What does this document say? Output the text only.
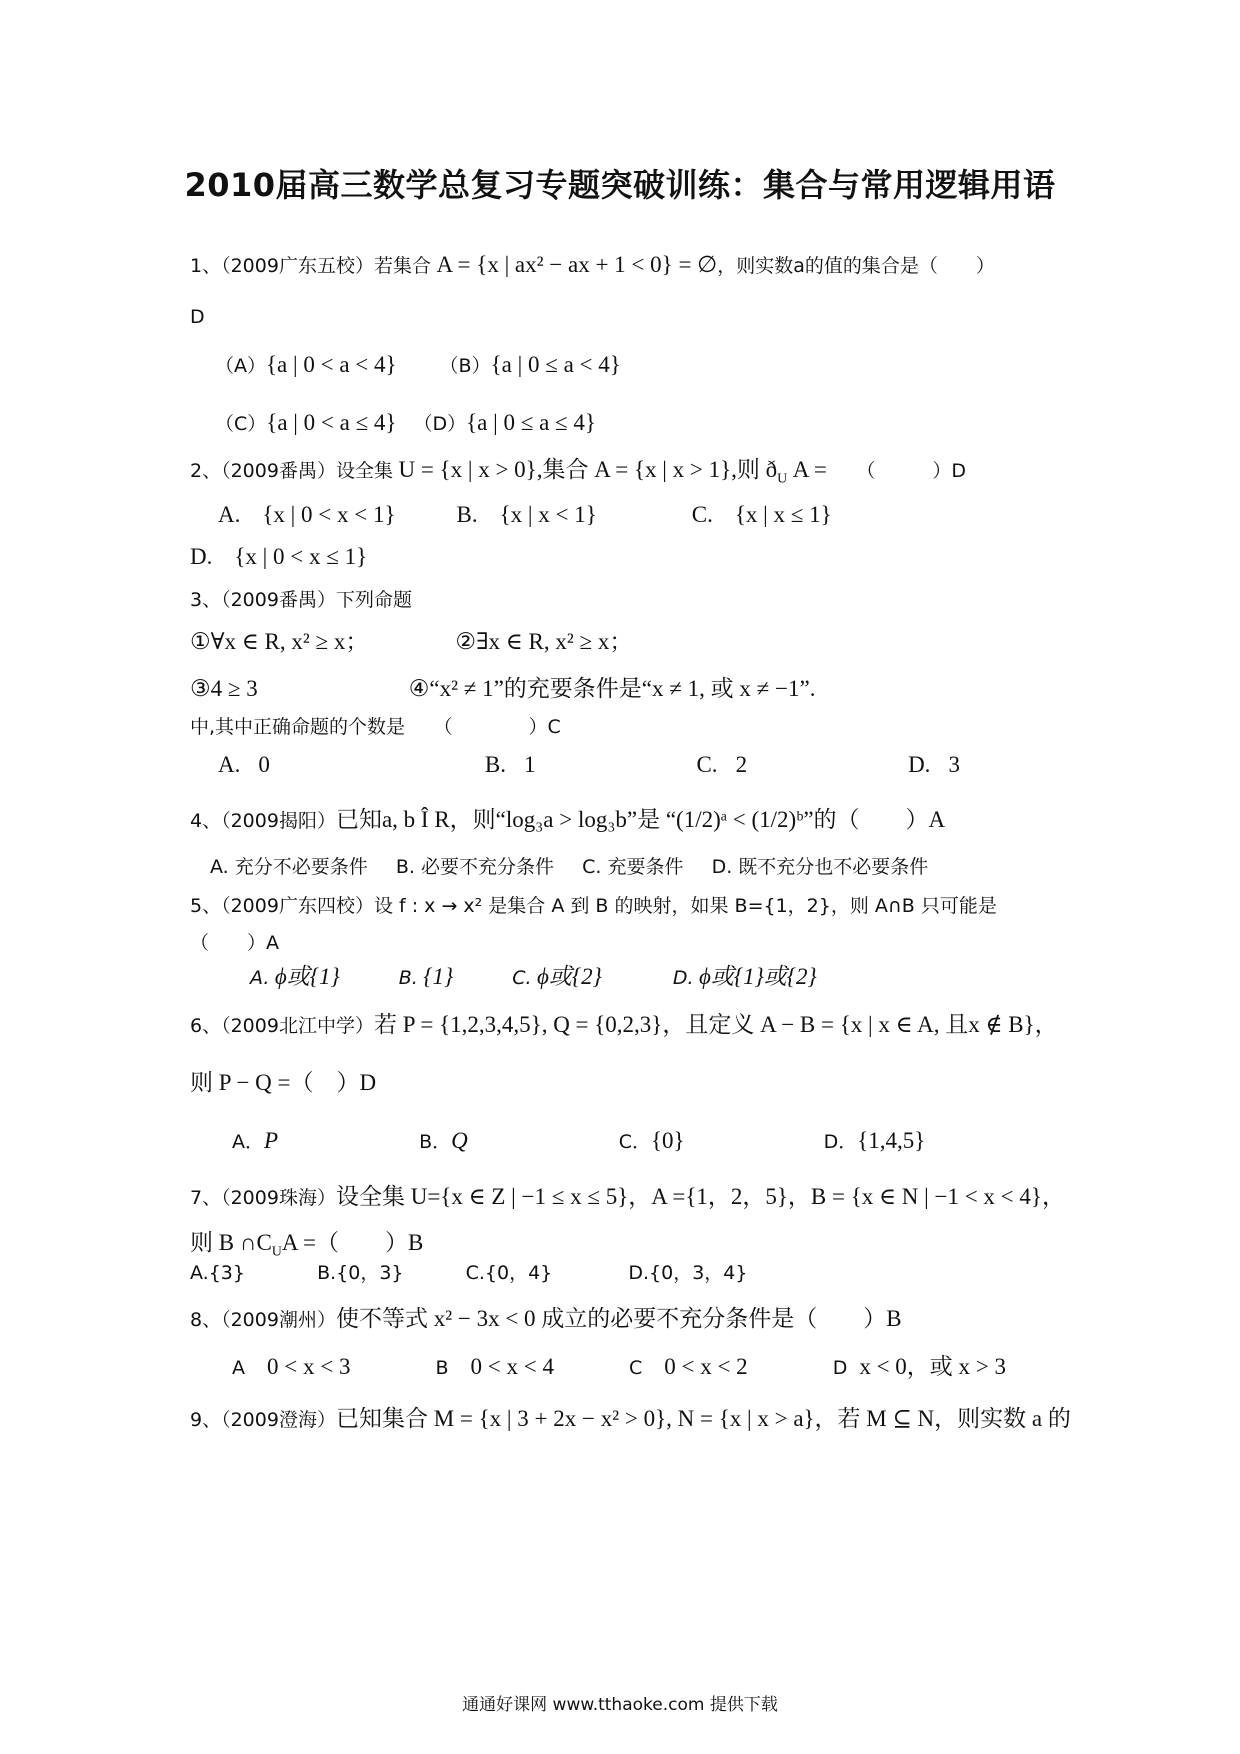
2010届高三数学总复习专题突破训练：集合与常用逻辑用语
1、（2009广东五校）若集合 A = {x | ax² − ax + 1 < 0} = ∅，则实数a的值的集合是（　　）
D
（A）{a | 0 < a < 4} （B）{a | 0 ≤ a < 4}
（C）{a | 0 < a ≤ 4} （D）{a | 0 ≤ a ≤ 4}
2、（2009番禺）设全集 U = {x | x > 0},集合 A = {x | x > 1},则 $ð_U$ A = （　　　）D
A. {x | 0 < x < 1}	B. {x | x < 1}	C. {x | x ≤ 1}
D. {x | 0 < x ≤ 1}
3、（2009番禺）下列命题
①∀x ∈ R, x² ≥ x；	②∃x ∈ R, x² ≥ x；
③4 ≥ 3	④“x² ≠ 1”的充要条件是“x ≠ 1, 或 x ≠ −1”.
中,其中正确命题的个数是　　（　　　　）C
A. 0	B. 1	C. 2	D. 3
4、（2009揭阳）已知a, b Î R，则“log₃a > log₃b”是 “(1/2)ᵃ < (1/2)ᵇ”的（　　）A
A. 充分不必要条件 B. 必要不充分条件 C. 充要条件 D. 既不充分也不必要条件
5、（2009广东四校）设 f : x → x² 是集合 A 到 B 的映射，如果 B={1，2}，则 A∩B 只可能是
（　　）A
A. ϕ或{1}	B. {1}	C. ϕ或{2}	D. ϕ或{1}或{2}
6、（2009北江中学）若 P = {1,2,3,4,5}, Q = {0,2,3}，且定义 A − B = {x | x ∈ A, 且x ∉ B}，
则 P − Q =（　）D
A．P	B．Q	C．{0}	D．{1,4,5}
7、（2009珠海）设全集 U={x ∈ Z | −1 ≤ x ≤ 5}，A ={1，2，5}，B = {x ∈ N | −1 < x < 4}，
则 B $\cap C_UA$ =（　　）B
A.{3}	B.{0，3}	C.{0，4}	D.{0，3，4}
8、（2009潮州）使不等式 x² − 3x < 0 成立的必要不充分条件是（　　）B
A 0 < x < 3	B 0 < x < 4	C 0 < x < 2	D x < 0，或 x > 3
9、（2009澄海）已知集合 M = {x | 3 + 2x − x² > 0}, N = {x | x > a}，若 M ⊆ N，则实数 a 的
通通好课网 www.tthaoke.com 提供下载
